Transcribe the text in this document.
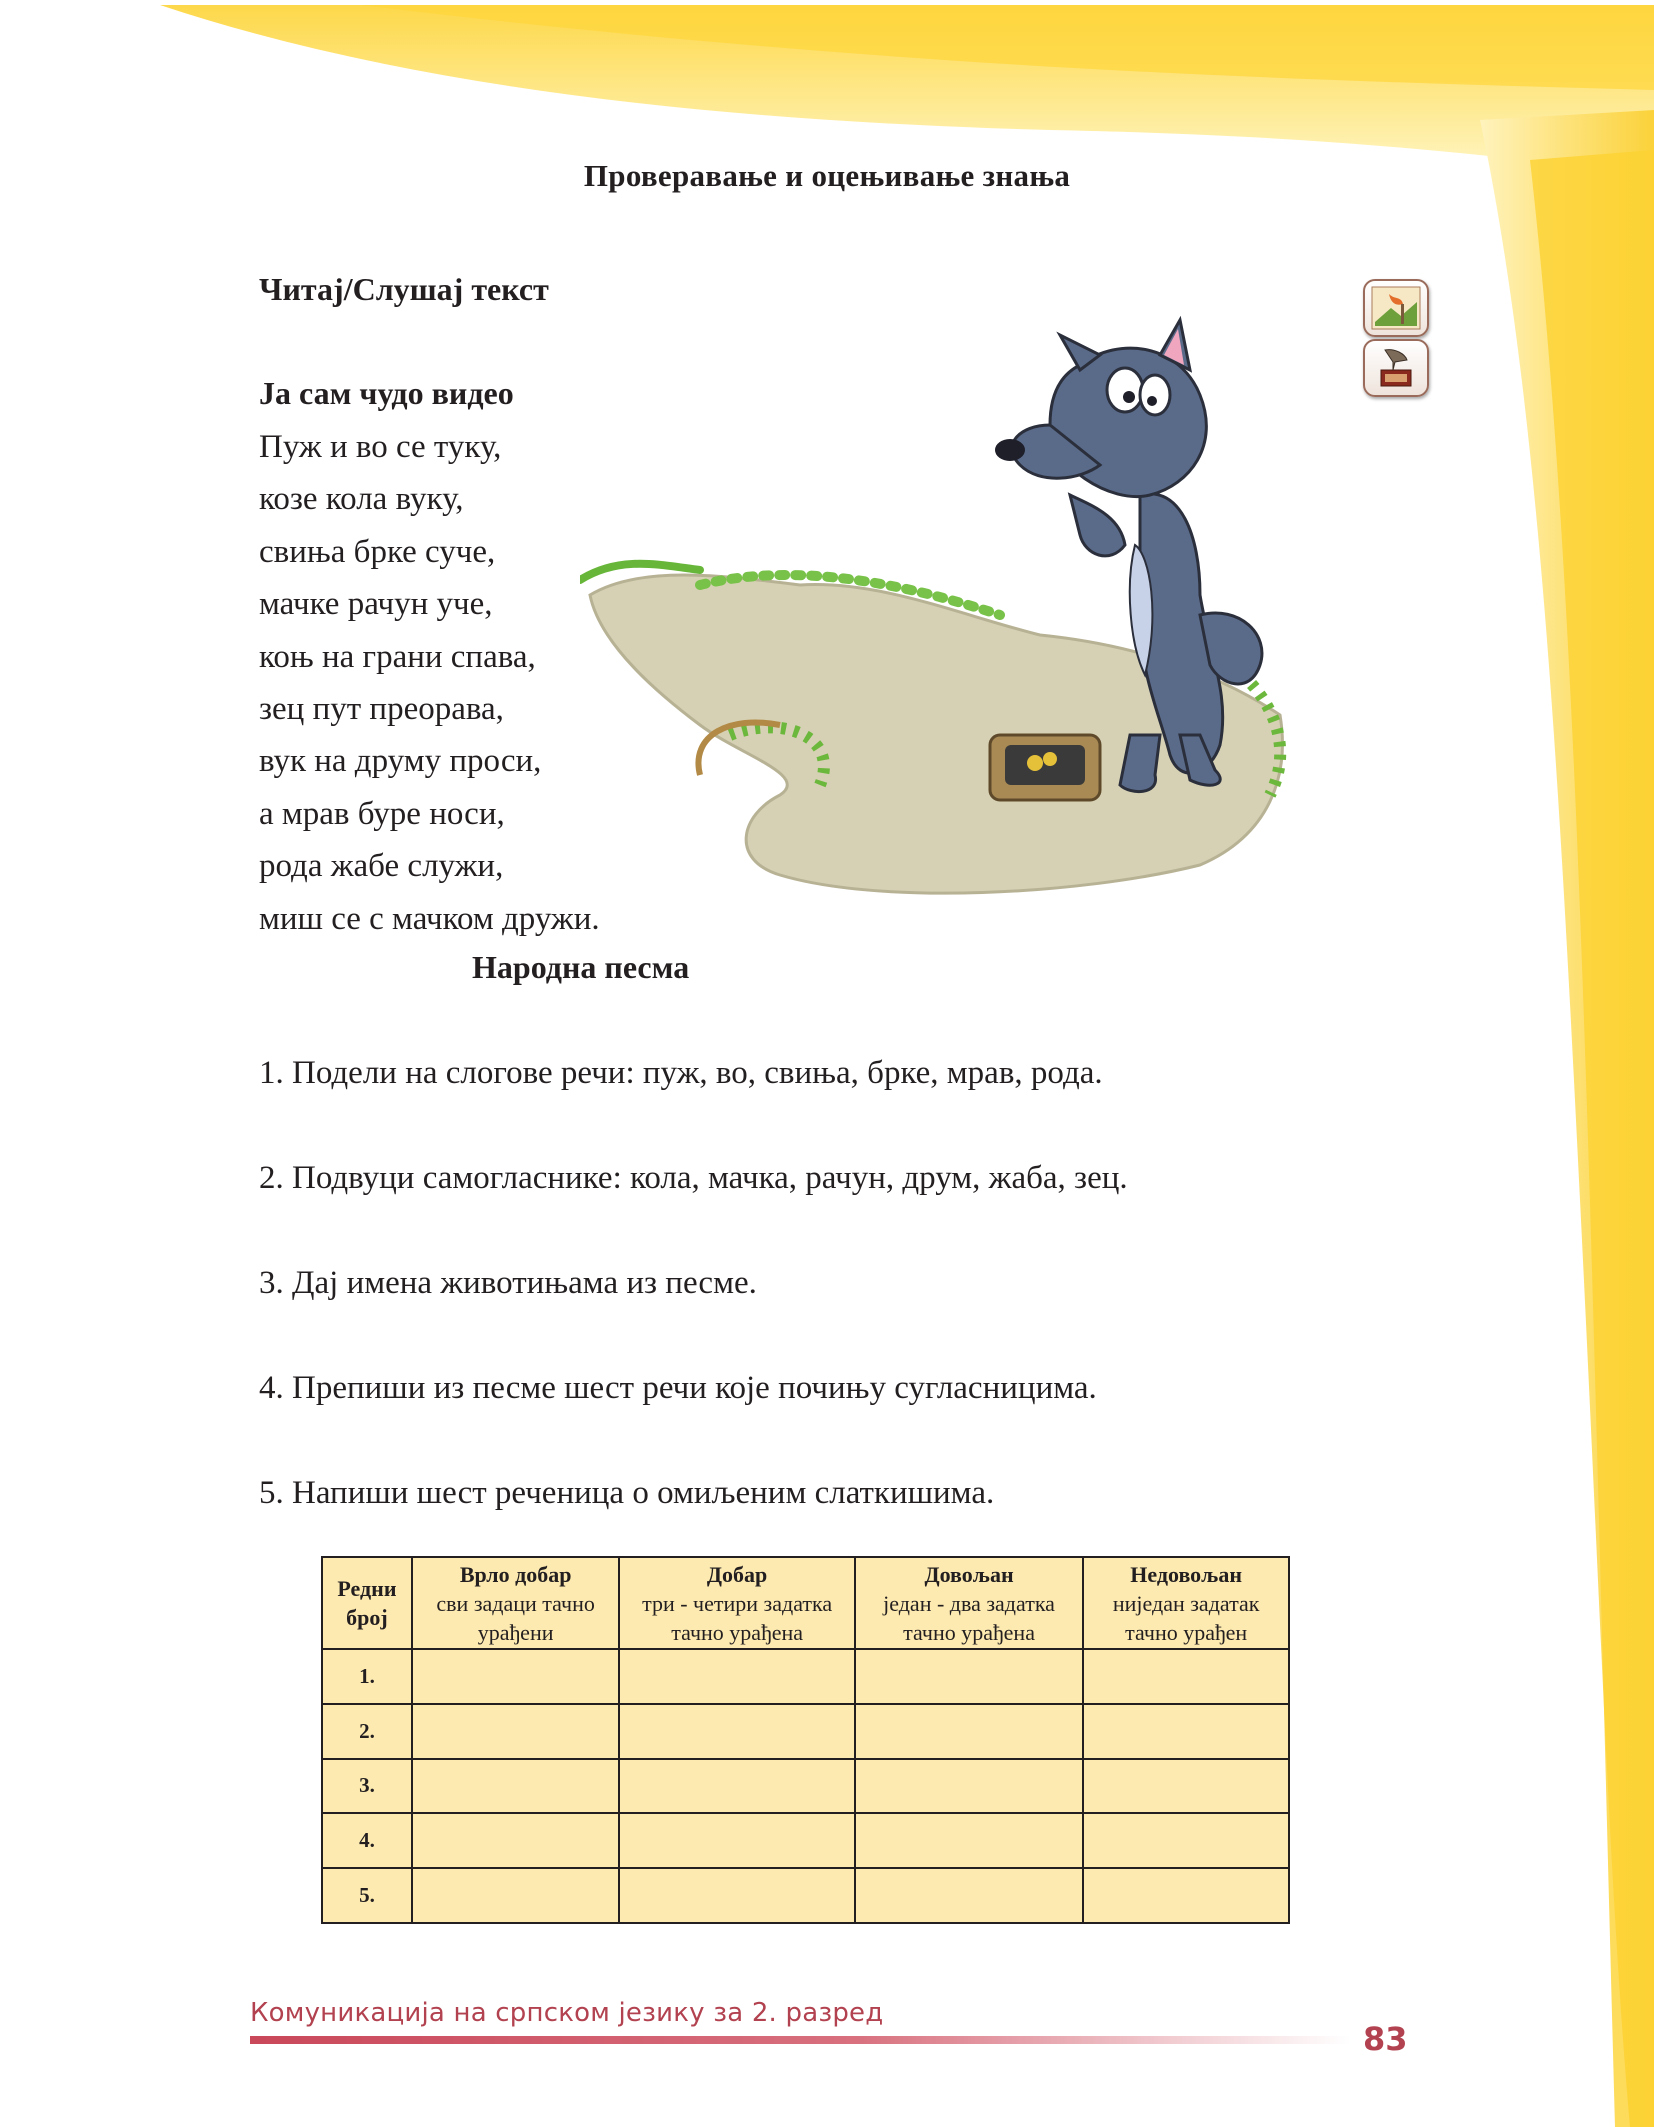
Проверавање и оцењивање знања
Читај/Слушај текст
Ја сам чудо видео
Пуж и во се туку,
козе кола вуку,
свиња брке суче,
мачке рачун уче,
коњ на грани спава,
зец пут преорава,
вук на друму проси,
а мрав буре носи,
рода жабе служи,
миш се с мачком дружи.
Народна песма
1. Подели на слогове речи: пуж, во, свиња, брке, мрав, рода.
2. Подвуци самогласнике: кола, мачка, рачун, друм, жаба, зец.
3. Дај имена животињама из песме.
4. Препиши из песме шест речи које почињу сугласницима.
5. Напиши шест реченица о омиљеним слаткишима.
Редни
број	Врло добар
сви задаци тачно
урађени	Добар
три - четири задатка
тачно урађена	Довољан
један - два задатка
тачно урађена	Недовољан
ниједан задатак
тачно урађен
1.				
2.				
3.				
4.				
5.				
Комуникација на српском језику за 2. разред
83
